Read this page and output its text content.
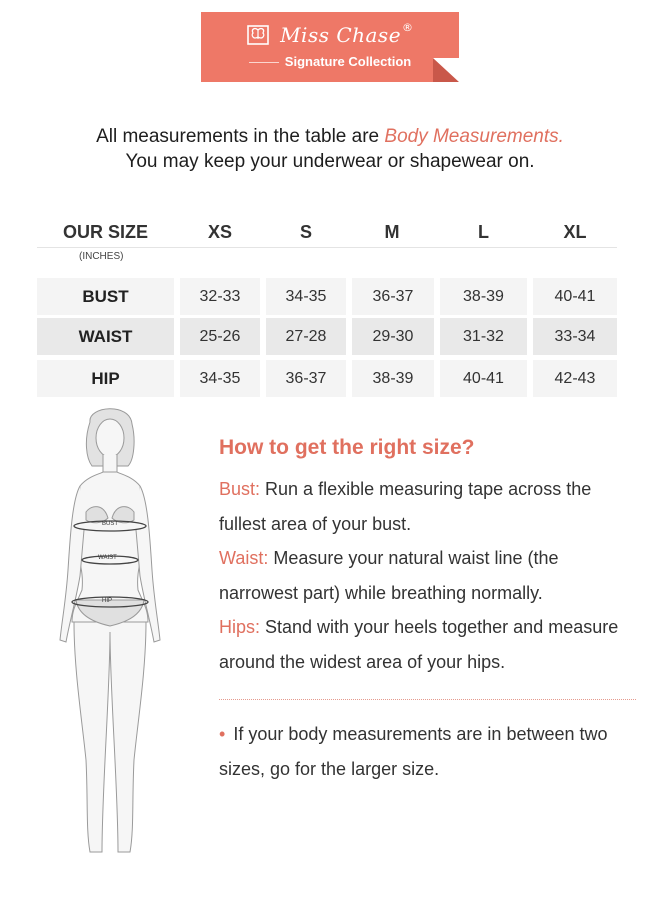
Miss Chase®
Signature Collection
All measurements in the table are Body Measurements.
You may keep your underwear or shapewear on.
OUR SIZE	XS	S	M	L	XL
(INCHES)
BUST	32-33	34-35	36-37	38-39	40-41
WAIST	25-26	27-28	29-30	31-32	33-34
HIP	34-35	36-37	38-39	40-41	42-43
BUST
WAIST
HIP
How to get the right size?

Bust: Run a flexible measuring tape across the fullest area of your bust.

Waist: Measure your natural waist line (the narrowest part) while breathing normally.

Hips: Stand with your heels together and measure around the widest area of your hips.

• If your body measurements are in between two sizes, go for the larger size.
